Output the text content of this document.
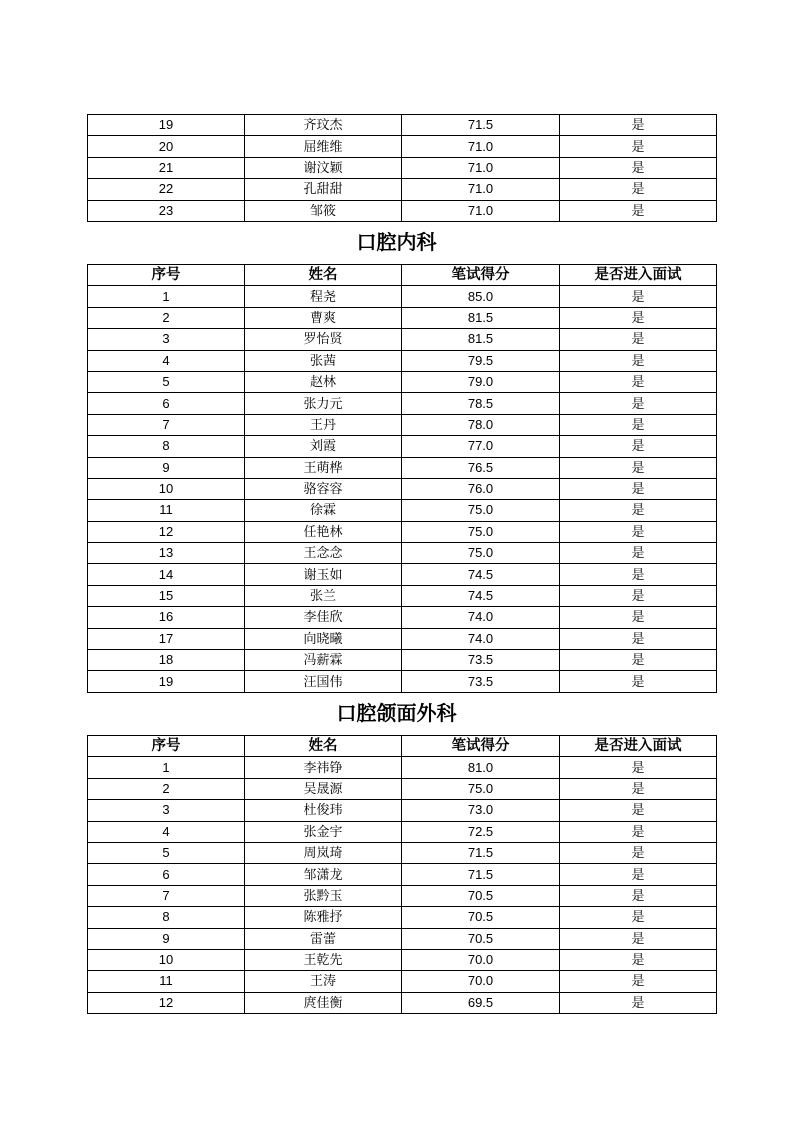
19	齐玟杰	71.5	是
20	屈维维	71.0	是
21	谢汶颖	71.0	是
22	孔甜甜	71.0	是
23	邹筱	71.0	是
口腔内科
序号	姓名	笔试得分	是否进入面试
1	程尧	85.0	是
2	曹爽	81.5	是
3	罗怡贤	81.5	是
4	张茜	79.5	是
5	赵林	79.0	是
6	张力元	78.5	是
7	王丹	78.0	是
8	刘霞	77.0	是
9	王萌桦	76.5	是
10	骆容容	76.0	是
11	徐霖	75.0	是
12	任艳林	75.0	是
13	王念念	75.0	是
14	谢玉如	74.5	是
15	张兰	74.5	是
16	李佳欣	74.0	是
17	向晓曦	74.0	是
18	冯薪霖	73.5	是
19	汪国伟	73.5	是
口腔颌面外科
序号	姓名	笔试得分	是否进入面试
1	李祎铮	81.0	是
2	吴晟源	75.0	是
3	杜俊玮	73.0	是
4	张金宇	72.5	是
5	周岚琦	71.5	是
6	邹潇龙	71.5	是
7	张黔玉	70.5	是
8	陈雅抒	70.5	是
9	雷蕾	70.5	是
10	王乾先	70.0	是
11	王涛	70.0	是
12	庹佳衡	69.5	是
